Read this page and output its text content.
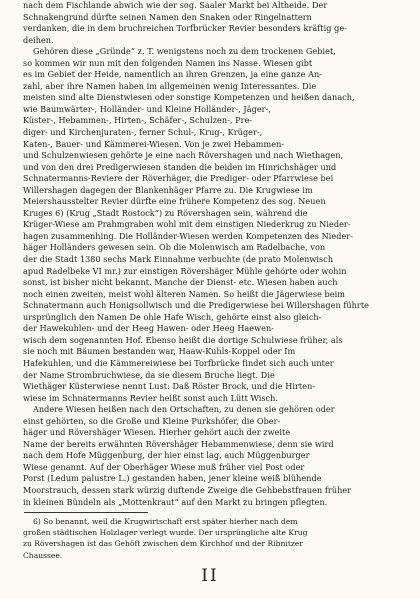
nach dem Fischlande abwich wie der sog. Saaler Markt bei Altheide. Der
Schnakengrund dürfte seinen Namen den Snaken oder Ringelnattern
verdanken, die in dem bruchreichen Torfbrücker Revier besonders kräftig ge-
deihen.
Gehören diese „Gründe“ z. T. wenigstens noch zu dem trockenen Gebiet,
so kommen wir nun mit den folgenden Namen ins Nasse. Wiesen gibt
es im Gebiet der Heide, namentlich an ihren Grenzen, ja eine ganze An-
zahl, aber ihre Namen haben im allgemeinen wenig Interessantes. Die
meisten sind alte Dienstwiesen oder sonstige Kompetenzen und heißen danach,
wie Baumwärter-, Holländer- und Kleine Holländer-, Jäger-,
Küster-, Hebammen-, Hirten-, Schäfer-, Schulzen-, Pre-
diger- und Kirchenjuraten-, ferner Schul-, Krug-, Krüger-,
Katen-, Bauer- und Kämmerei-Wiesen. Von je zwei Hebammen-
und Schulzenwiesen gehörte je eine nach Rövershagen und nach Wiethagen,
und von den drei Predigerwiesen standen die beiden im Hinrichshäger und
Schnatermanns-Reviere der Röverhäger, die Prediger- oder Pfarrwiese bei
Willershagen dagegen der Blankenhäger Pfarre zu. Die Krugwiese im
Meiershausstelter Revier dürfte eine frühere Kompetenz des sog. Neuen
Kruges 6) (Krug „Stadt Rostock“) zu Rövershagen sein, während die
Krüger-Wiese am Prahmgraben wohl mit dem einstigen Niederkrug zu Nieder-
hagen zusammenhing. Die Holländer-Wiesen werden Kompetenzen des Nieder-
häger Holländers gewesen sein. Ob die Molenwisch am Radelbache, von
der die Stadt 1380 sechs Mark Einnahme verbuchte (de prato Molenwisch
apud Radelbeke VI mr.) zur einstigen Rövershäger Mühle gehörte oder wohin
sonst, ist bisher nicht bekannt. Manche der Dienst- etc. Wiesen haben auch
noch einen zweiten, meist wohl älteren Namen. So heißt die Jägerwiese beim
Schnatermann auch Honigsollwisch und die Predigerwiese bei Willershagen führte
ursprünglich den Namen De ohle Hafe Wisch, gehörte einst also gleich-
der Hawekuhlen- und der Heeg Hawen- oder Heeg Haewen-
wisch dem sogenannten Hof. Ebenso heißt die dortige Schulwiese früher, als
sie noch mit Bäumen bestanden war, Haaw-Kuhls-Koppel oder Im
Hafekuhlen, und die Kämmereiwiese bei Torfbrücke findet sich auch unter
der Name Strombruchwiese, da sie diesem Bruche liegt. Die
Wiethäger Küsterwiese nennt Lust: Daß Röster Brock, und die Hirten-
wiese im Schnatermanns Revier heißt sonst auch Lütt Wisch.
Andere Wiesen heißen nach den Ortschaften, zu denen sie gehören oder
einst gehörten, so die Große und Kleine Purkshöfer, die Ober-
häger und Rövershäger Wiesen. Hierher gehört auch der zweite
Name der bereits erwähnten Rövershäger Hebammenwiese, denn sie wird
nach dem Hofe Müggenburg, der hier einst lag, auch Müggenburger
Wiese genannt. Auf der Oberhäger Wiese muß früher viel Post oder
Porst (Ledum palustre L.) gestanden haben, jener kleine weiß blühende
Moorstrauch, dessen stark würzig duftende Zweige die Gehbebstfrauen früher
in kleinen Bündeln als „Mottenkraut“ auf den Markt zu bringen pflegten.
6) So benannt, weil die Krugwirtschaft erst später hierher nach dem
großen städtischen Holzlager verlegt wurde. Der ursprüngliche alte Krug
zu Rövershagen ist das Gehöft zwischen dem Kirchhof und der Ribnitzer
Chaussee.
II
